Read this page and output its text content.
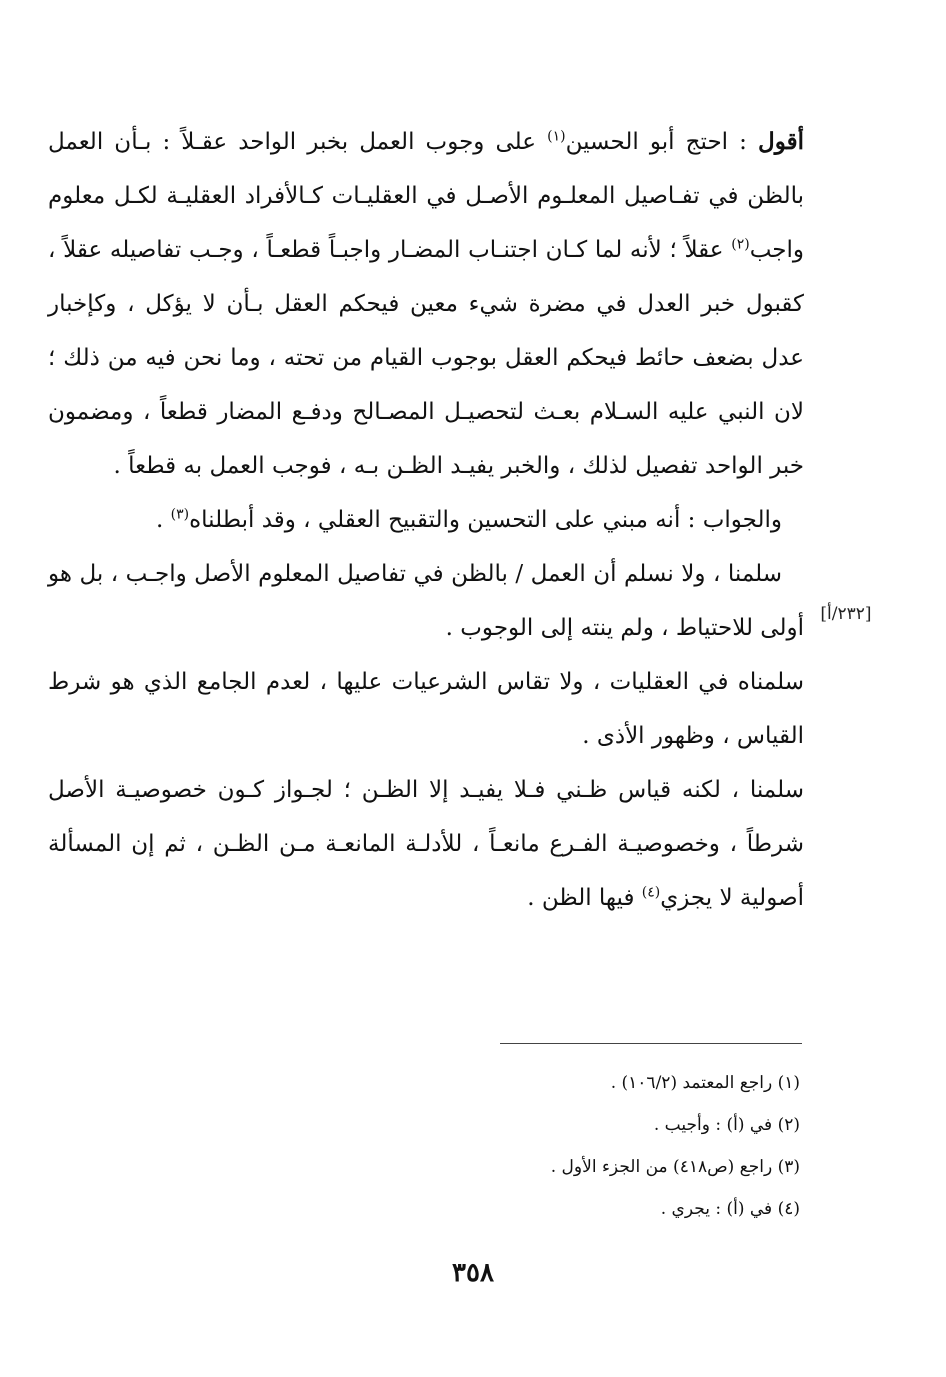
أقول : احتج أبو الحسين$^{(١)}$ على وجوب العمل بخبر الواحد عقـلاً : بـأن العمل بالظن في تفـاصيل المعلـوم الأصـل في العقليـات كـالأفراد العقليـة لكـل معلوم واجب$^{(٢)}$ عقلاً ؛ لأنه لما كـان اجتنـاب المضـار واجبـاً قطعـاً ، وجـب تفاصيله عقلاً ، كقبول خبر العدل في مضرة شيء معين فيحكم العقل بـأن لا يؤكل ، وكإخبار عدل بضعف حائط فيحكم العقل بوجوب القيام من تحته ، وما نحن فيه من ذلك ؛ لان النبي عليه السـلام بعـث لتحصيـل المصـالح ودفـع المضار قطعاً ، ومضمون خبر الواحد تفصيل لذلك ، والخبر يفيـد الظـن بـه ، فوجب العمل به قطعاً .

والجواب : أنه مبني على التحسين والتقبيح العقلي ، وقد أبطلناه$^{(٣)}$ .

سلمنا ، ولا نسلم أن العمل / بالظن في تفاصيل المعلوم الأصل واجـب ، بل هو أولى للاحتياط ، ولم ينته إلى الوجوب .

سلمناه في العقليات ، ولا تقاس الشرعيات عليها ، لعدم الجامع الذي هو شرط القياس ، وظهور الأذى .

سلمنا ، لكنه قياس ظـني فـلا يفيـد إلا الظـن ؛ لجـواز كـون خصوصيـة الأصل شرطاً ، وخصوصيـة الفـرع مانعـاً ، للأدلـة المانعـة مـن الظـن ، ثم إن المسألة أصولية لا يجزي$^{(٤)}$ فيها الظن .

[٢٣٢/أ]

(١) راجع المعتمد (١٠٦/٢) .

(٢) في (أ) : وأجيب .

(٣) راجع (ص٤١٨) من الجزء الأول .

(٤) في (أ) : يجري .

٣٥٨
